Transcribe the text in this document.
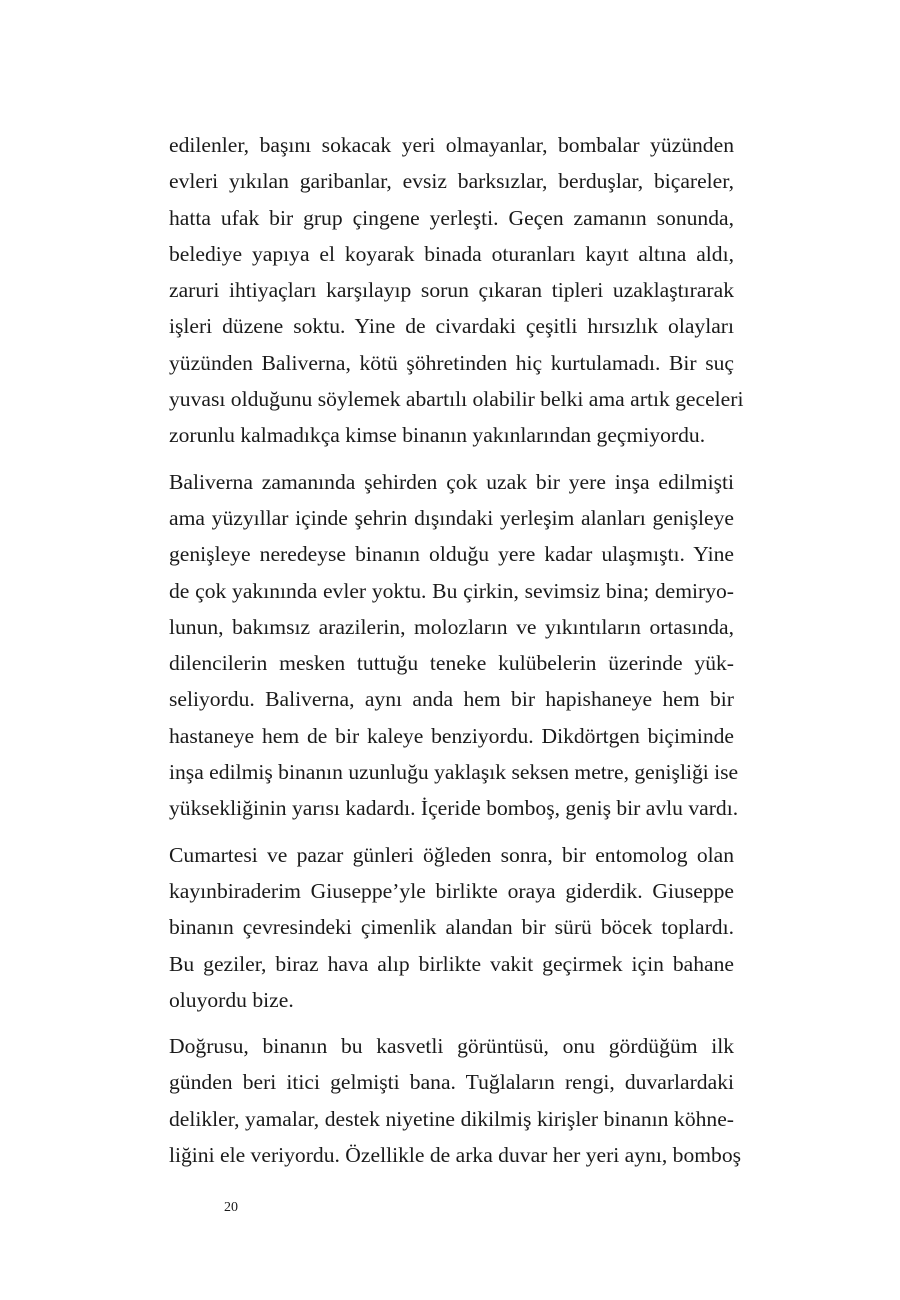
edilenler, başını sokacak yeri olmayanlar, bombalar yüzünden
evleri yıkılan garibanlar, evsiz barksızlar, berduşlar, biçareler,
hatta ufak bir grup çingene yerleşti. Geçen zamanın sonunda,
belediye yapıya el koyarak binada oturanları kayıt altına aldı,
zaruri ihtiyaçları karşılayıp sorun çıkaran tipleri uzaklaştırarak
işleri düzene soktu. Yine de civardaki çeşitli hırsızlık olayları
yüzünden Baliverna, kötü şöhretinden hiç kurtulamadı. Bir suç
yuvası olduğunu söylemek abartılı olabilir belki ama artık geceleri
zorunlu kalmadıkça kimse binanın yakınlarından geçmiyordu.
Baliverna zamanında şehirden çok uzak bir yere inşa edilmişti
ama yüzyıllar içinde şehrin dışındaki yerleşim alanları genişleye
genişleye neredeyse binanın olduğu yere kadar ulaşmıştı. Yine
de çok yakınında evler yoktu. Bu çirkin, sevimsiz bina; demiryo-
lunun, bakımsız arazilerin, molozların ve yıkıntıların ortasında,
dilencilerin mesken tuttuğu teneke kulübelerin üzerinde yük-
seliyordu. Baliverna, aynı anda hem bir hapishaneye hem bir
hastaneye hem de bir kaleye benziyordu. Dikdörtgen biçiminde
inşa edilmiş binanın uzunluğu yaklaşık seksen metre, genişliği ise
yüksekliğinin yarısı kadardı. İçeride bomboş, geniş bir avlu vardı.
Cumartesi ve pazar günleri öğleden sonra, bir entomolog olan
kayınbiraderim Giuseppe’yle birlikte oraya giderdik. Giuseppe
binanın çevresindeki çimenlik alandan bir sürü böcek toplardı.
Bu geziler, biraz hava alıp birlikte vakit geçirmek için bahane
oluyordu bize.
Doğrusu, binanın bu kasvetli görüntüsü, onu gördüğüm ilk
günden beri itici gelmişti bana. Tuğlaların rengi, duvarlardaki
delikler, yamalar, destek niyetine dikilmiş kirişler binanın köhne-
liğini ele veriyordu. Özellikle de arka duvar her yeri aynı, bomboş
20
